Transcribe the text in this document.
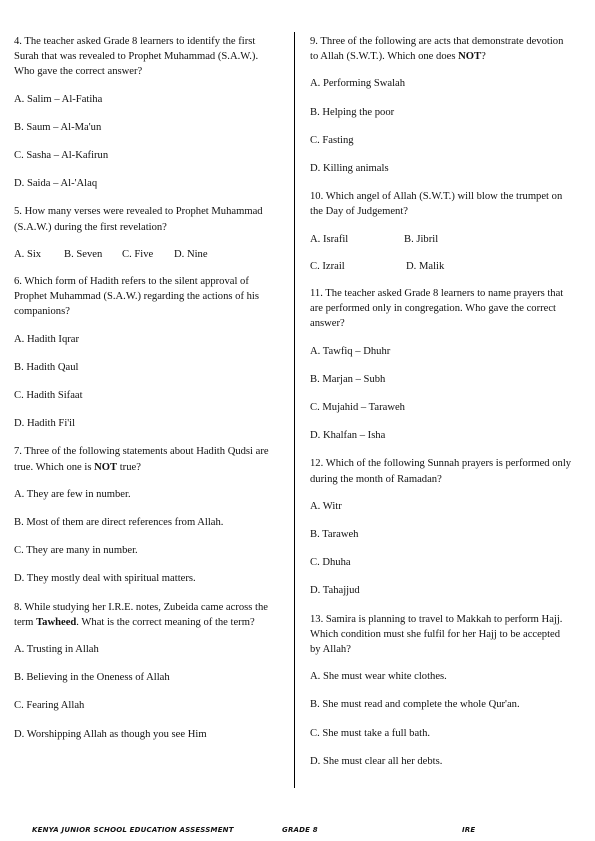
4. The teacher asked Grade 8 learners to identify the first Surah that was revealed to Prophet Muhammad (S.A.W.). Who gave the correct answer?

A. Salim – Al-Fatiha

B. Saum – Al-Ma'un

C. Sasha – Al-Kafirun

D. Saida – Al-'Alaq

5. How many verses were revealed to Prophet Muhammad (S.A.W.) during the first revelation?

A. Six B. Seven C. Five D. Nine

6. Which form of Hadith refers to the silent approval of Prophet Muhammad (S.A.W.) regarding the actions of his companions?

A. Hadith Iqrar

B. Hadith Qaul

C. Hadith Sifaat

D. Hadith Fi'il

7. Three of the following statements about Hadith Qudsi are true. Which one is NOT true?

A. They are few in number.

B. Most of them are direct references from Allah.

C. They are many in number.

D. They mostly deal with spiritual matters.

8. While studying her I.R.E. notes, Zubeida came across the term Tawheed. What is the correct meaning of the term?

A. Trusting in Allah

B. Believing in the Oneness of Allah

C. Fearing Allah

D. Worshipping Allah as though you see Him

9. Three of the following are acts that demonstrate devotion to Allah (S.W.T.). Which one does NOT?

A. Performing Swalah

B. Helping the poor

C. Fasting

D. Killing animals

10. Which angel of Allah (S.W.T.) will blow the trumpet on the Day of Judgement?

A. Israfil	B. Jibril

C. Izrail	D. Malik

11. The teacher asked Grade 8 learners to name prayers that are performed only in congregation. Who gave the correct answer?

A. Tawfiq – Dhuhr

B. Marjan – Subh

C. Mujahid – Taraweh

D. Khalfan – Isha

12. Which of the following Sunnah prayers is performed only during the month of Ramadan?

A. Witr

B. Taraweh

C. Dhuha

D. Tahajjud

13. Samira is planning to travel to Makkah to perform Hajj. Which condition must she fulfil for her Hajj to be accepted by Allah?

A. She must wear white clothes.

B. She must read and complete the whole Qur'an.

C. She must take a full bath.

D. She must clear all her debts.

KENYA JUNIOR SCHOOL EDUCATION ASSESSMENT	GRADE 8	IRE
